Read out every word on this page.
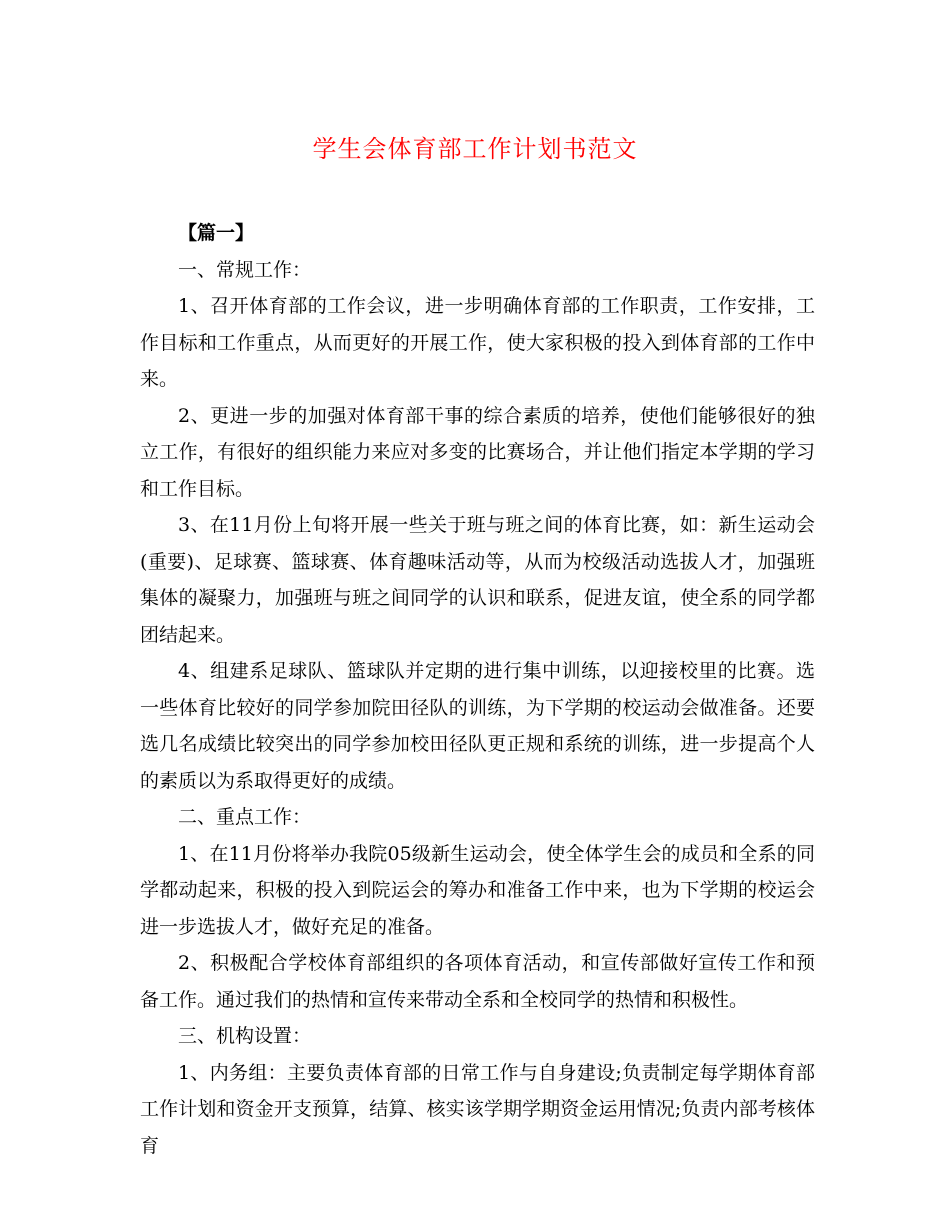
学生会体育部工作计划书范文

【篇一】

一、常规工作：

1、召开体育部的工作会议，进一步明确体育部的工作职责，工作安排，工作目标和工作重点，从而更好的开展工作，使大家积极的投入到体育部的工作中来。

2、更进一步的加强对体育部干事的综合素质的培养，使他们能够很好的独立工作，有很好的组织能力来应对多变的比赛场合，并让他们指定本学期的学习和工作目标。

3、在11月份上旬将开展一些关于班与班之间的体育比赛，如：新生运动会(重要)、足球赛、篮球赛、体育趣味活动等，从而为校级活动选拔人才，加强班集体的凝聚力，加强班与班之间同学的认识和联系，促进友谊，使全系的同学都团结起来。

4、组建系足球队、篮球队并定期的进行集中训练，以迎接校里的比赛。选一些体育比较好的同学参加院田径队的训练，为下学期的校运动会做准备。还要选几名成绩比较突出的同学参加校田径队更正规和系统的训练，进一步提高个人的素质以为系取得更好的成绩。

二、重点工作：

1、在11月份将举办我院05级新生运动会，使全体学生会的成员和全系的同学都动起来，积极的投入到院运会的筹办和准备工作中来，也为下学期的校运会进一步选拔人才，做好充足的准备。

2、积极配合学校体育部组织的各项体育活动，和宣传部做好宣传工作和预备工作。通过我们的热情和宣传来带动全系和全校同学的热情和积极性。

三、机构设置：

1、内务组：主要负责体育部的日常工作与自身建设;负责制定每学期体育部工作计划和资金开支预算，结算、核实该学期学期资金运用情况;负责内部考核体育
